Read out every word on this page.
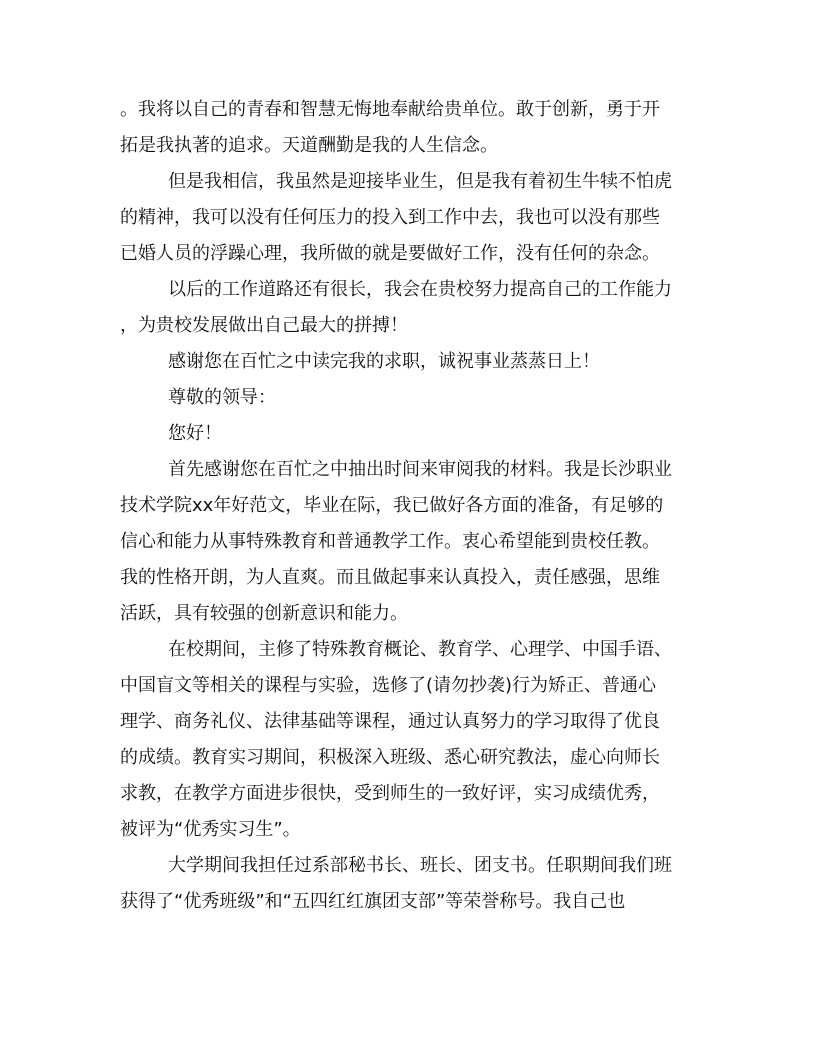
。我将以自己的青春和智慧无悔地奉献给贵单位。敢于创新，勇于开
拓是我执著的追求。天道酬勤是我的人生信念。
但是我相信，我虽然是迎接毕业生，但是我有着初生牛犊不怕虎
的精神，我可以没有任何压力的投入到工作中去，我也可以没有那些
已婚人员的浮躁心理，我所做的就是要做好工作，没有任何的杂念。
以后的工作道路还有很长，我会在贵校努力提高自己的工作能力
，为贵校发展做出自己最大的拼搏！
感谢您在百忙之中读完我的求职，诚祝事业蒸蒸日上！
尊敬的领导：
您好！
首先感谢您在百忙之中抽出时间来审阅我的材料。我是长沙职业
技术学院xx年好范文，毕业在际，我已做好各方面的准备，有足够的
信心和能力从事特殊教育和普通教学工作。衷心希望能到贵校任教。
我的性格开朗，为人直爽。而且做起事来认真投入，责任感强，思维
活跃，具有较强的创新意识和能力。
在校期间，主修了特殊教育概论、教育学、心理学、中国手语、
中国盲文等相关的课程与实验，选修了(请勿抄袭)行为矫正、普通心
理学、商务礼仪、法律基础等课程，通过认真努力的学习取得了优良
的成绩。教育实习期间，积极深入班级、悉心研究教法，虚心向师长
求教，在教学方面进步很快，受到师生的一致好评，实习成绩优秀，
被评为“优秀实习生”。
大学期间我担任过系部秘书长、班长、团支书。任职期间我们班
获得了“优秀班级”和“五四红红旗团支部”等荣誉称号。我自己也
